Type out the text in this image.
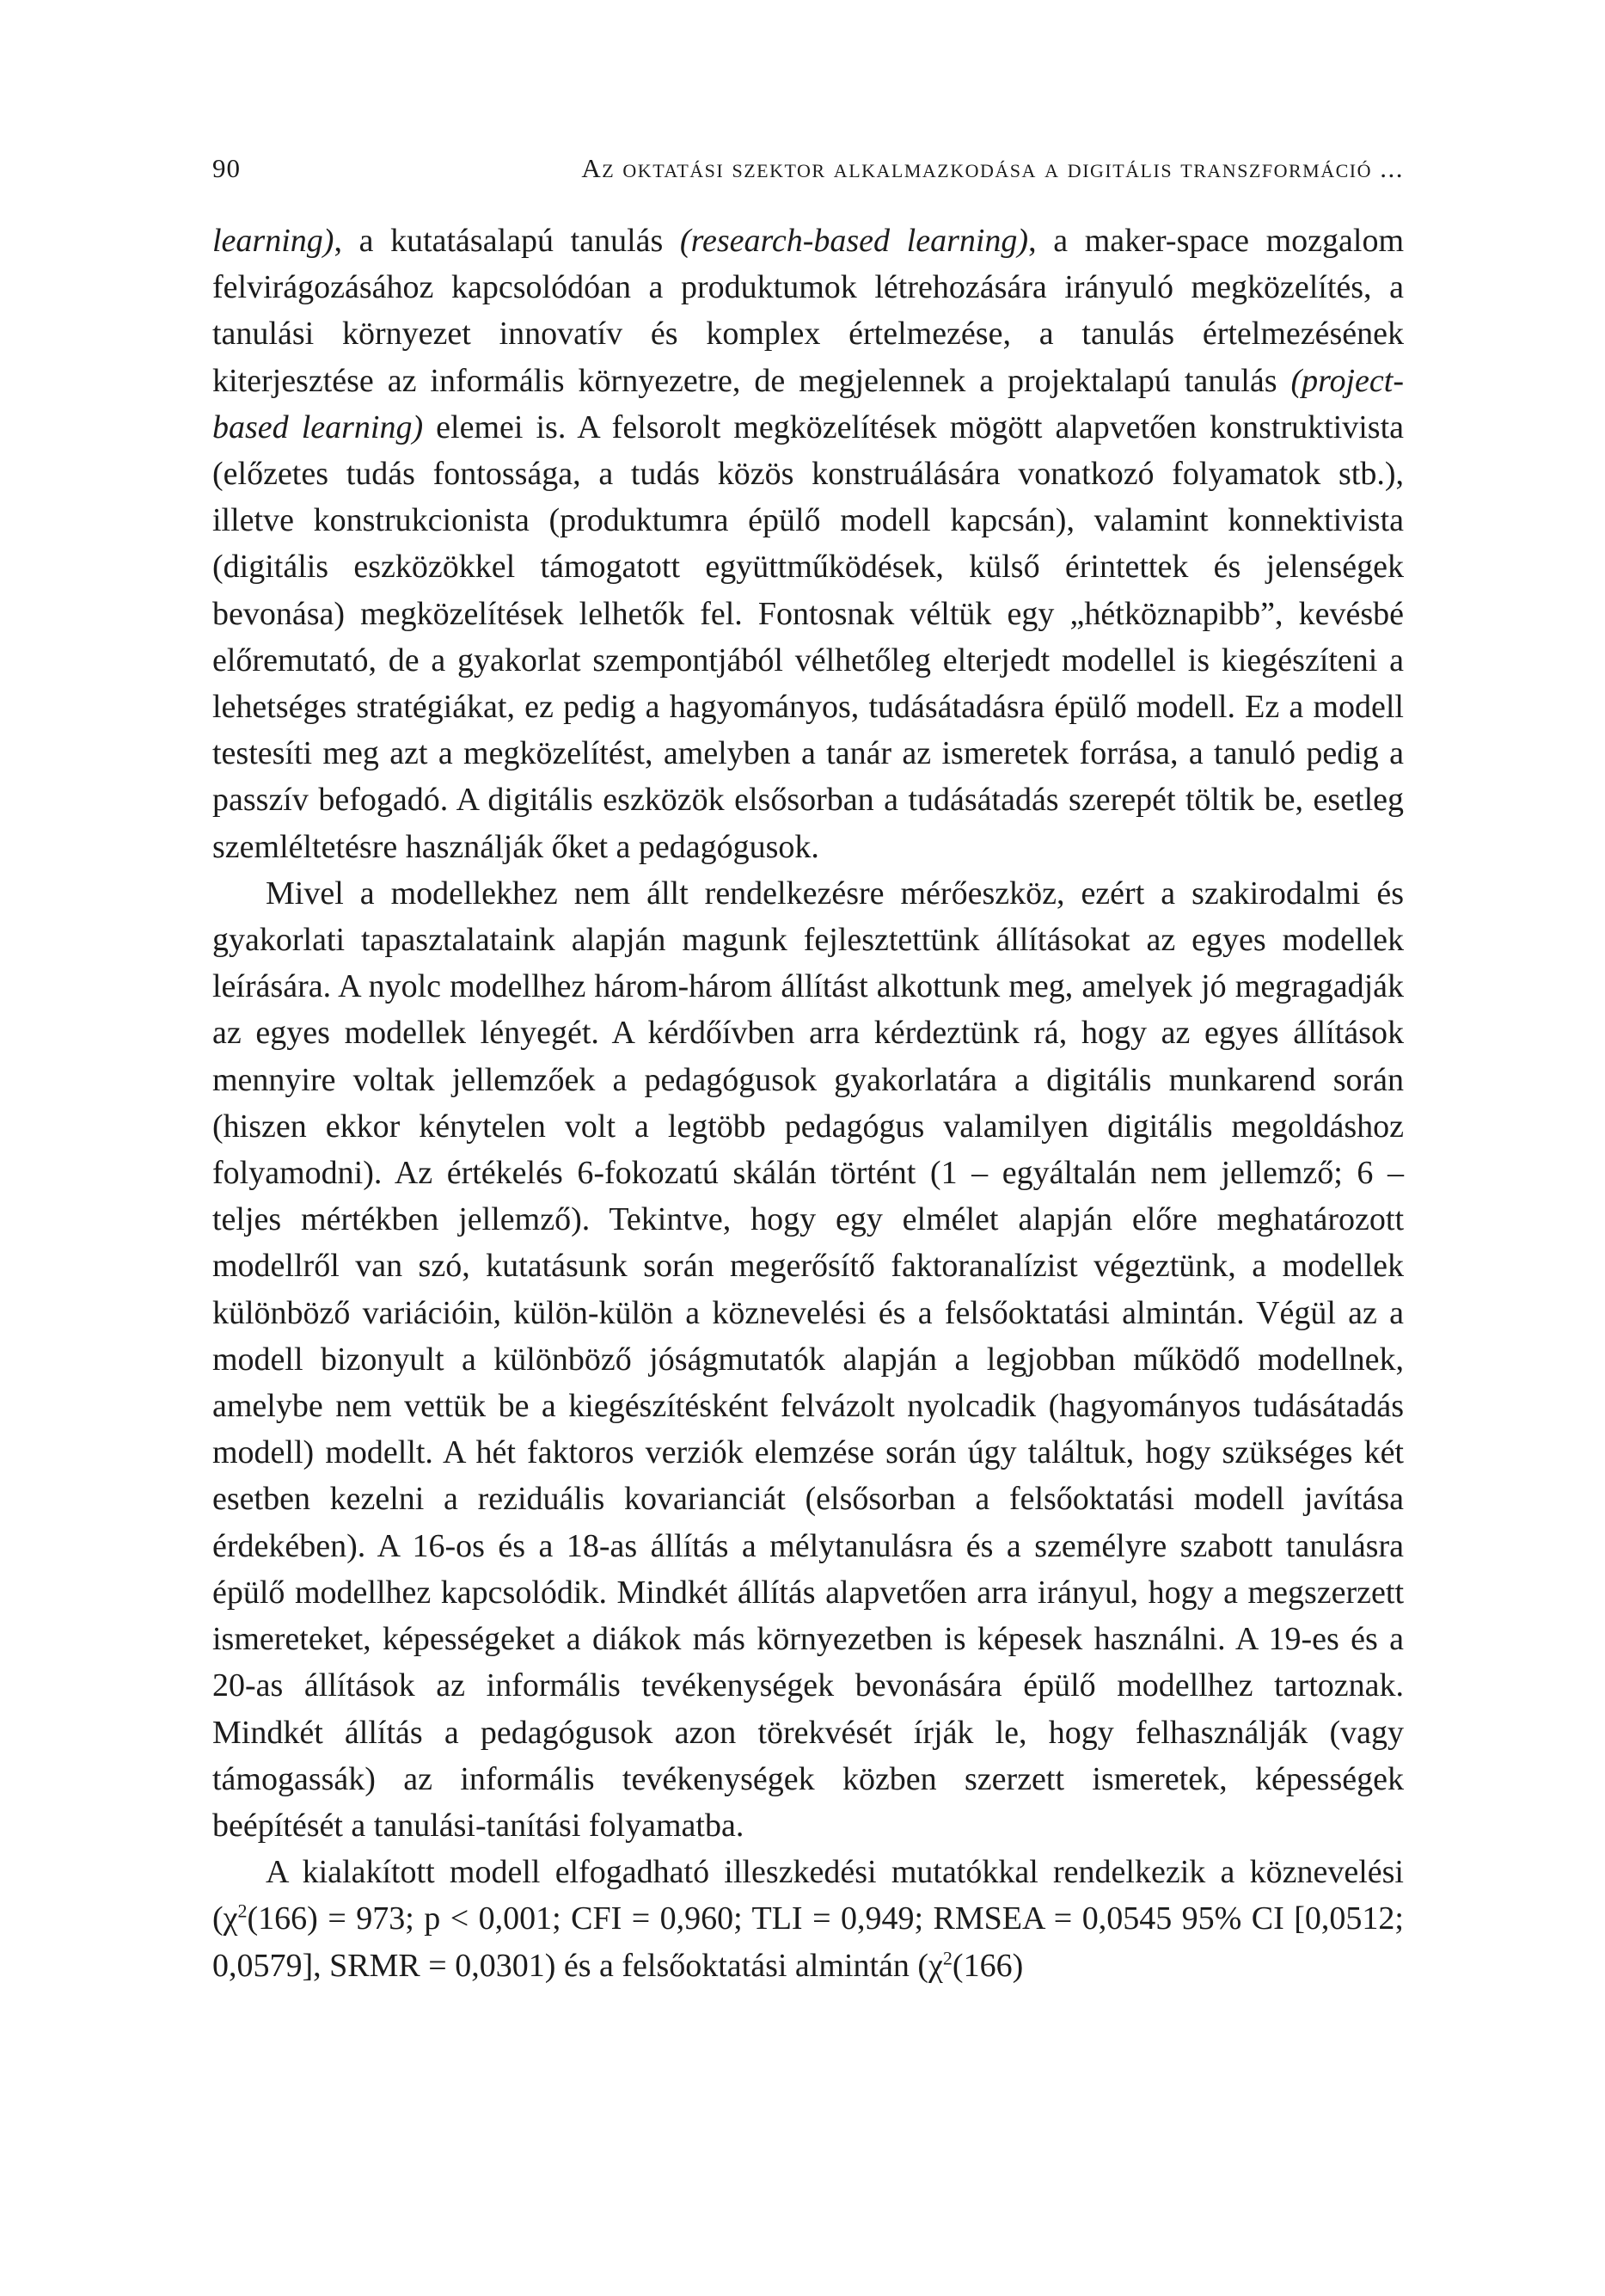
90	Az oktatási szektor alkalmazkodása a digitális transzformáció ...

learning), a kutatásalapú tanulás (research-based learning), a maker-space mozgalom felvirágozásához kapcsolódóan a produktumok létrehozására irányuló megközelítés, a tanulási környezet innovatív és komplex értelmezése, a tanulás értelmezésének kiterjesztése az informális környezetre, de megjelennek a projektalapú tanulás (project-based learning) elemei is. A felsorolt megközelítések mögött alapvetően konstruktivista (előzetes tudás fontossága, a tudás közös konstruálására vonatkozó folyamatok stb.), illetve konstrukcionista (produktumra épülő modell kapcsán), valamint konnektivista (digitális eszközökkel támogatott együttműködések, külső érintettek és jelenségek bevonása) megközelítések lelhetők fel. Fontosnak véltük egy „hétköznapibb”, kevésbé előremutató, de a gyakorlat szempontjából vélhetőleg elterjedt modellel is kiegészíteni a lehetséges stratégiákat, ez pedig a hagyományos, tudásátadásra épülő modell. Ez a modell testesíti meg azt a megközelítést, amelyben a tanár az ismeretek forrása, a tanuló pedig a passzív befogadó. A digitális eszközök elsősorban a tudásátadás szerepét töltik be, esetleg szemléltetésre használják őket a pedagógusok.

Mivel a modellekhez nem állt rendelkezésre mérőeszköz, ezért a szakirodalmi és gyakorlati tapasztalataink alapján magunk fejlesztettünk állításokat az egyes modellek leírására. A nyolc modellhez három-három állítást alkottunk meg, amelyek jó megragadják az egyes modellek lényegét. A kérdőívben arra kérdeztünk rá, hogy az egyes állítások mennyire voltak jellemzőek a pedagógusok gyakorlatára a digitális munkarend során (hiszen ekkor kénytelen volt a legtöbb pedagógus valamilyen digitális megoldáshoz folyamodni). Az értékelés 6-fokozatú skálán történt (1 – egyáltalán nem jellemző; 6 – teljes mértékben jellemző). Tekintve, hogy egy elmélet alapján előre meghatározott modellről van szó, kutatásunk során megerősítő faktoranalízist végeztünk, a modellek különböző variációin, külön-külön a köznevelési és a felsőoktatási almintán. Végül az a modell bizonyult a különböző jóságmutatók alapján a legjobban működő modellnek, amelybe nem vettük be a kiegészítésként felvázolt nyolcadik (hagyományos tudásátadás modell) modellt. A hét faktoros verziók elemzése során úgy találtuk, hogy szükséges két esetben kezelni a reziduális kovarianciát (elsősorban a felsőoktatási modell javítása érdekében). A 16-os és a 18-as állítás a mélytanulásra és a személyre szabott tanulásra épülő modellhez kapcsolódik. Mindkét állítás alapvetően arra irányul, hogy a megszerzett ismereteket, képességeket a diákok más környezetben is képesek használni. A 19-es és a 20-as állítások az informális tevékenységek bevonására épülő modellhez tartoznak. Mindkét állítás a pedagógusok azon törekvését írják le, hogy felhasználják (vagy támogassák) az informális tevékenységek közben szerzett ismeretek, képességek beépítését a tanulási-tanítási folyamatba.

A kialakított modell elfogadható illeszkedési mutatókkal rendelkezik a köznevelési ($\chi^2(166) = 973$; p < 0,001; CFI = 0,960; TLI = 0,949; RMSEA = 0,0545 95% CI [0,0512; 0,0579], SRMR = 0,0301) és a felsőoktatási almintán ($\chi^2(166)$
